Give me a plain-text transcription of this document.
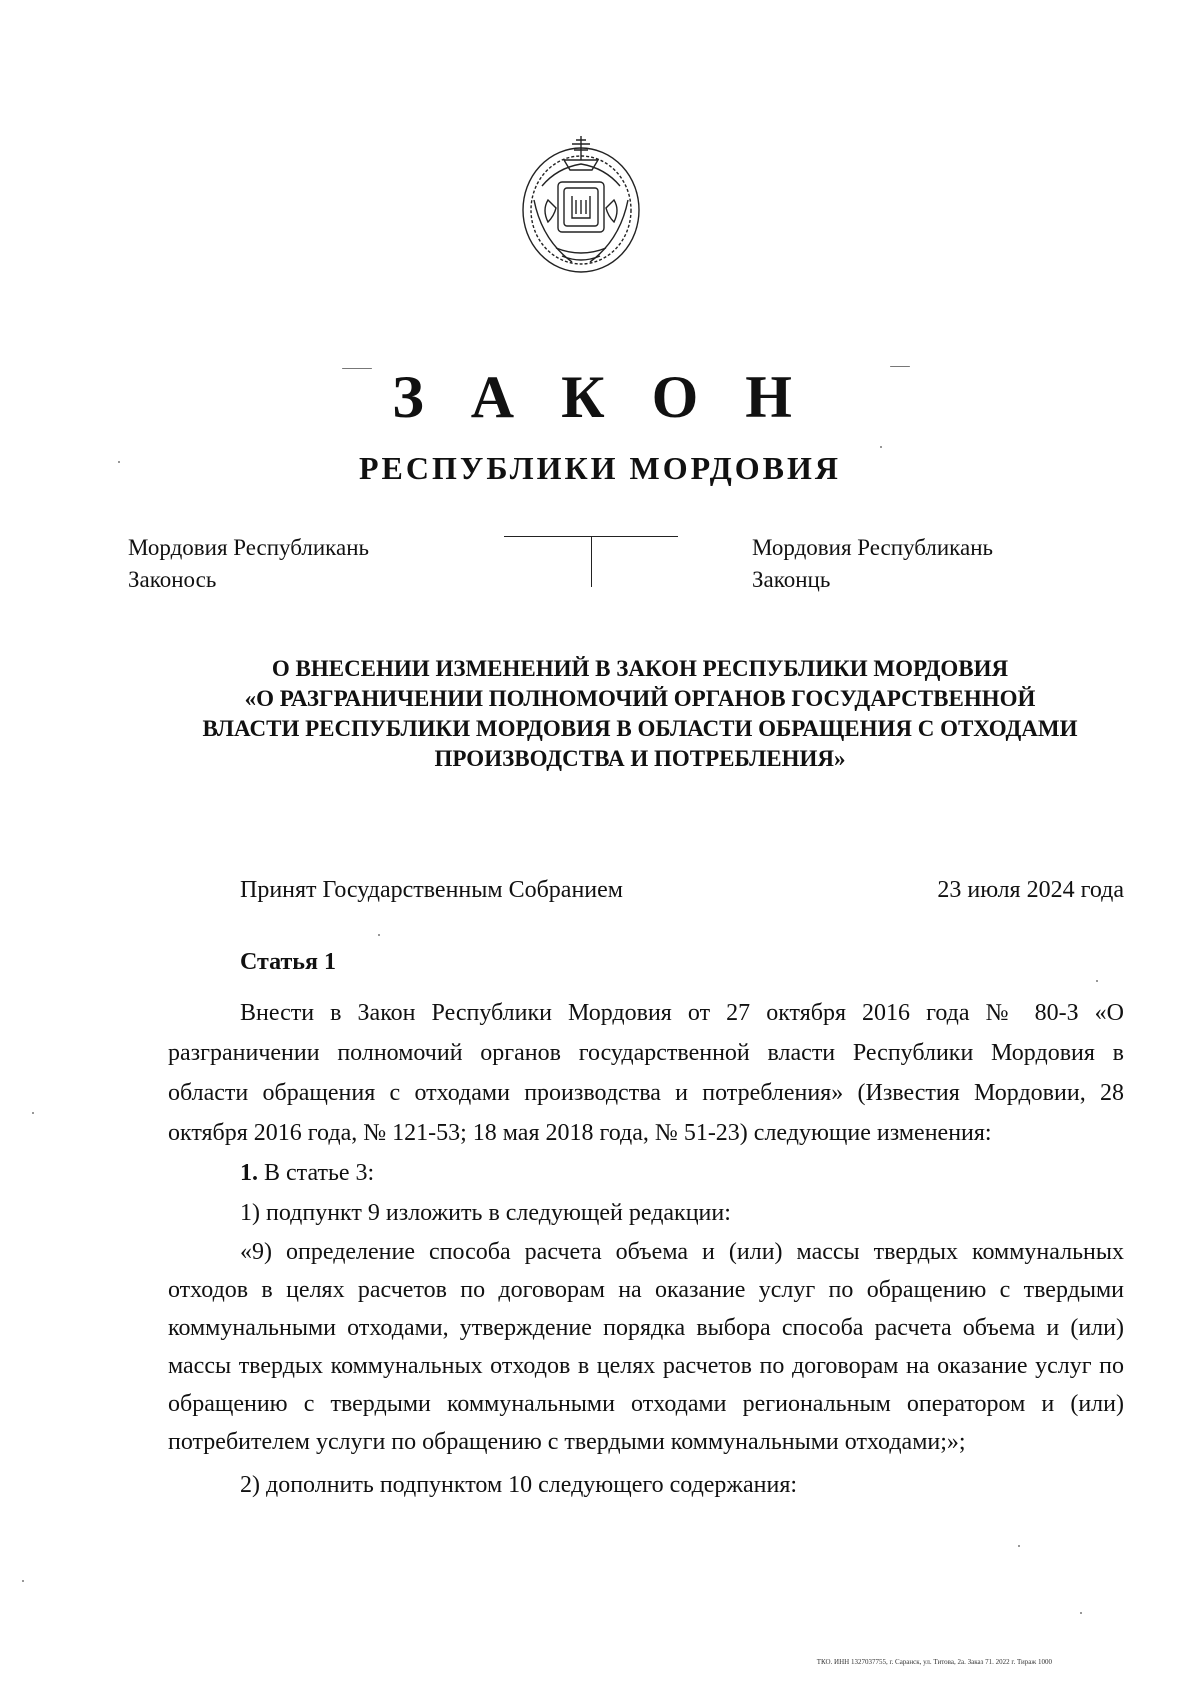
З А К О Н
РЕСПУБЛИКИ МОРДОВИЯ
Мордовия Республикань
Законось
Мордовия Республикань
Законць
О ВНЕСЕНИИ ИЗМЕНЕНИЙ В ЗАКОН РЕСПУБЛИКИ МОРДОВИЯ
«О РАЗГРАНИЧЕНИИ ПОЛНОМОЧИЙ ОРГАНОВ ГОСУДАРСТВЕННОЙ
ВЛАСТИ РЕСПУБЛИКИ МОРДОВИЯ В ОБЛАСТИ ОБРАЩЕНИЯ С ОТХОДАМИ
ПРОИЗВОДСТВА И ПОТРЕБЛЕНИЯ»
Принят Государственным Собранием	23 июля 2024 года
Статья 1

Внести в Закон Республики Мордовия от 27 октября 2016 года № 80-З «О разграничении полномочий органов государственной власти Республики Мордовия в области обращения с отходами производства и потребления» (Известия Мордовии, 28 октября 2016 года, № 121-53; 18 мая 2018 года, № 51-23) следующие изменения:

1. В статье 3:

1) подпункт 9 изложить в следующей редакции:

«9) определение способа расчета объема и (или) массы твердых коммунальных отходов в целях расчетов по договорам на оказание услуг по обращению с твердыми коммунальными отходами, утверждение порядка выбора способа расчета объема и (или) массы твердых коммунальных отходов в целях расчетов по договорам на оказание услуг по обращению с твердыми коммунальными отходами региональным оператором и (или) потребителем услуги по обращению с твердыми коммунальными отходами;»;

2) дополнить подпунктом 10 следующего содержания:

ТКО. ИНН 1327037755, г. Саранск, ул. Титова, 2а. Заказ 71. 2022 г. Тираж 1000
